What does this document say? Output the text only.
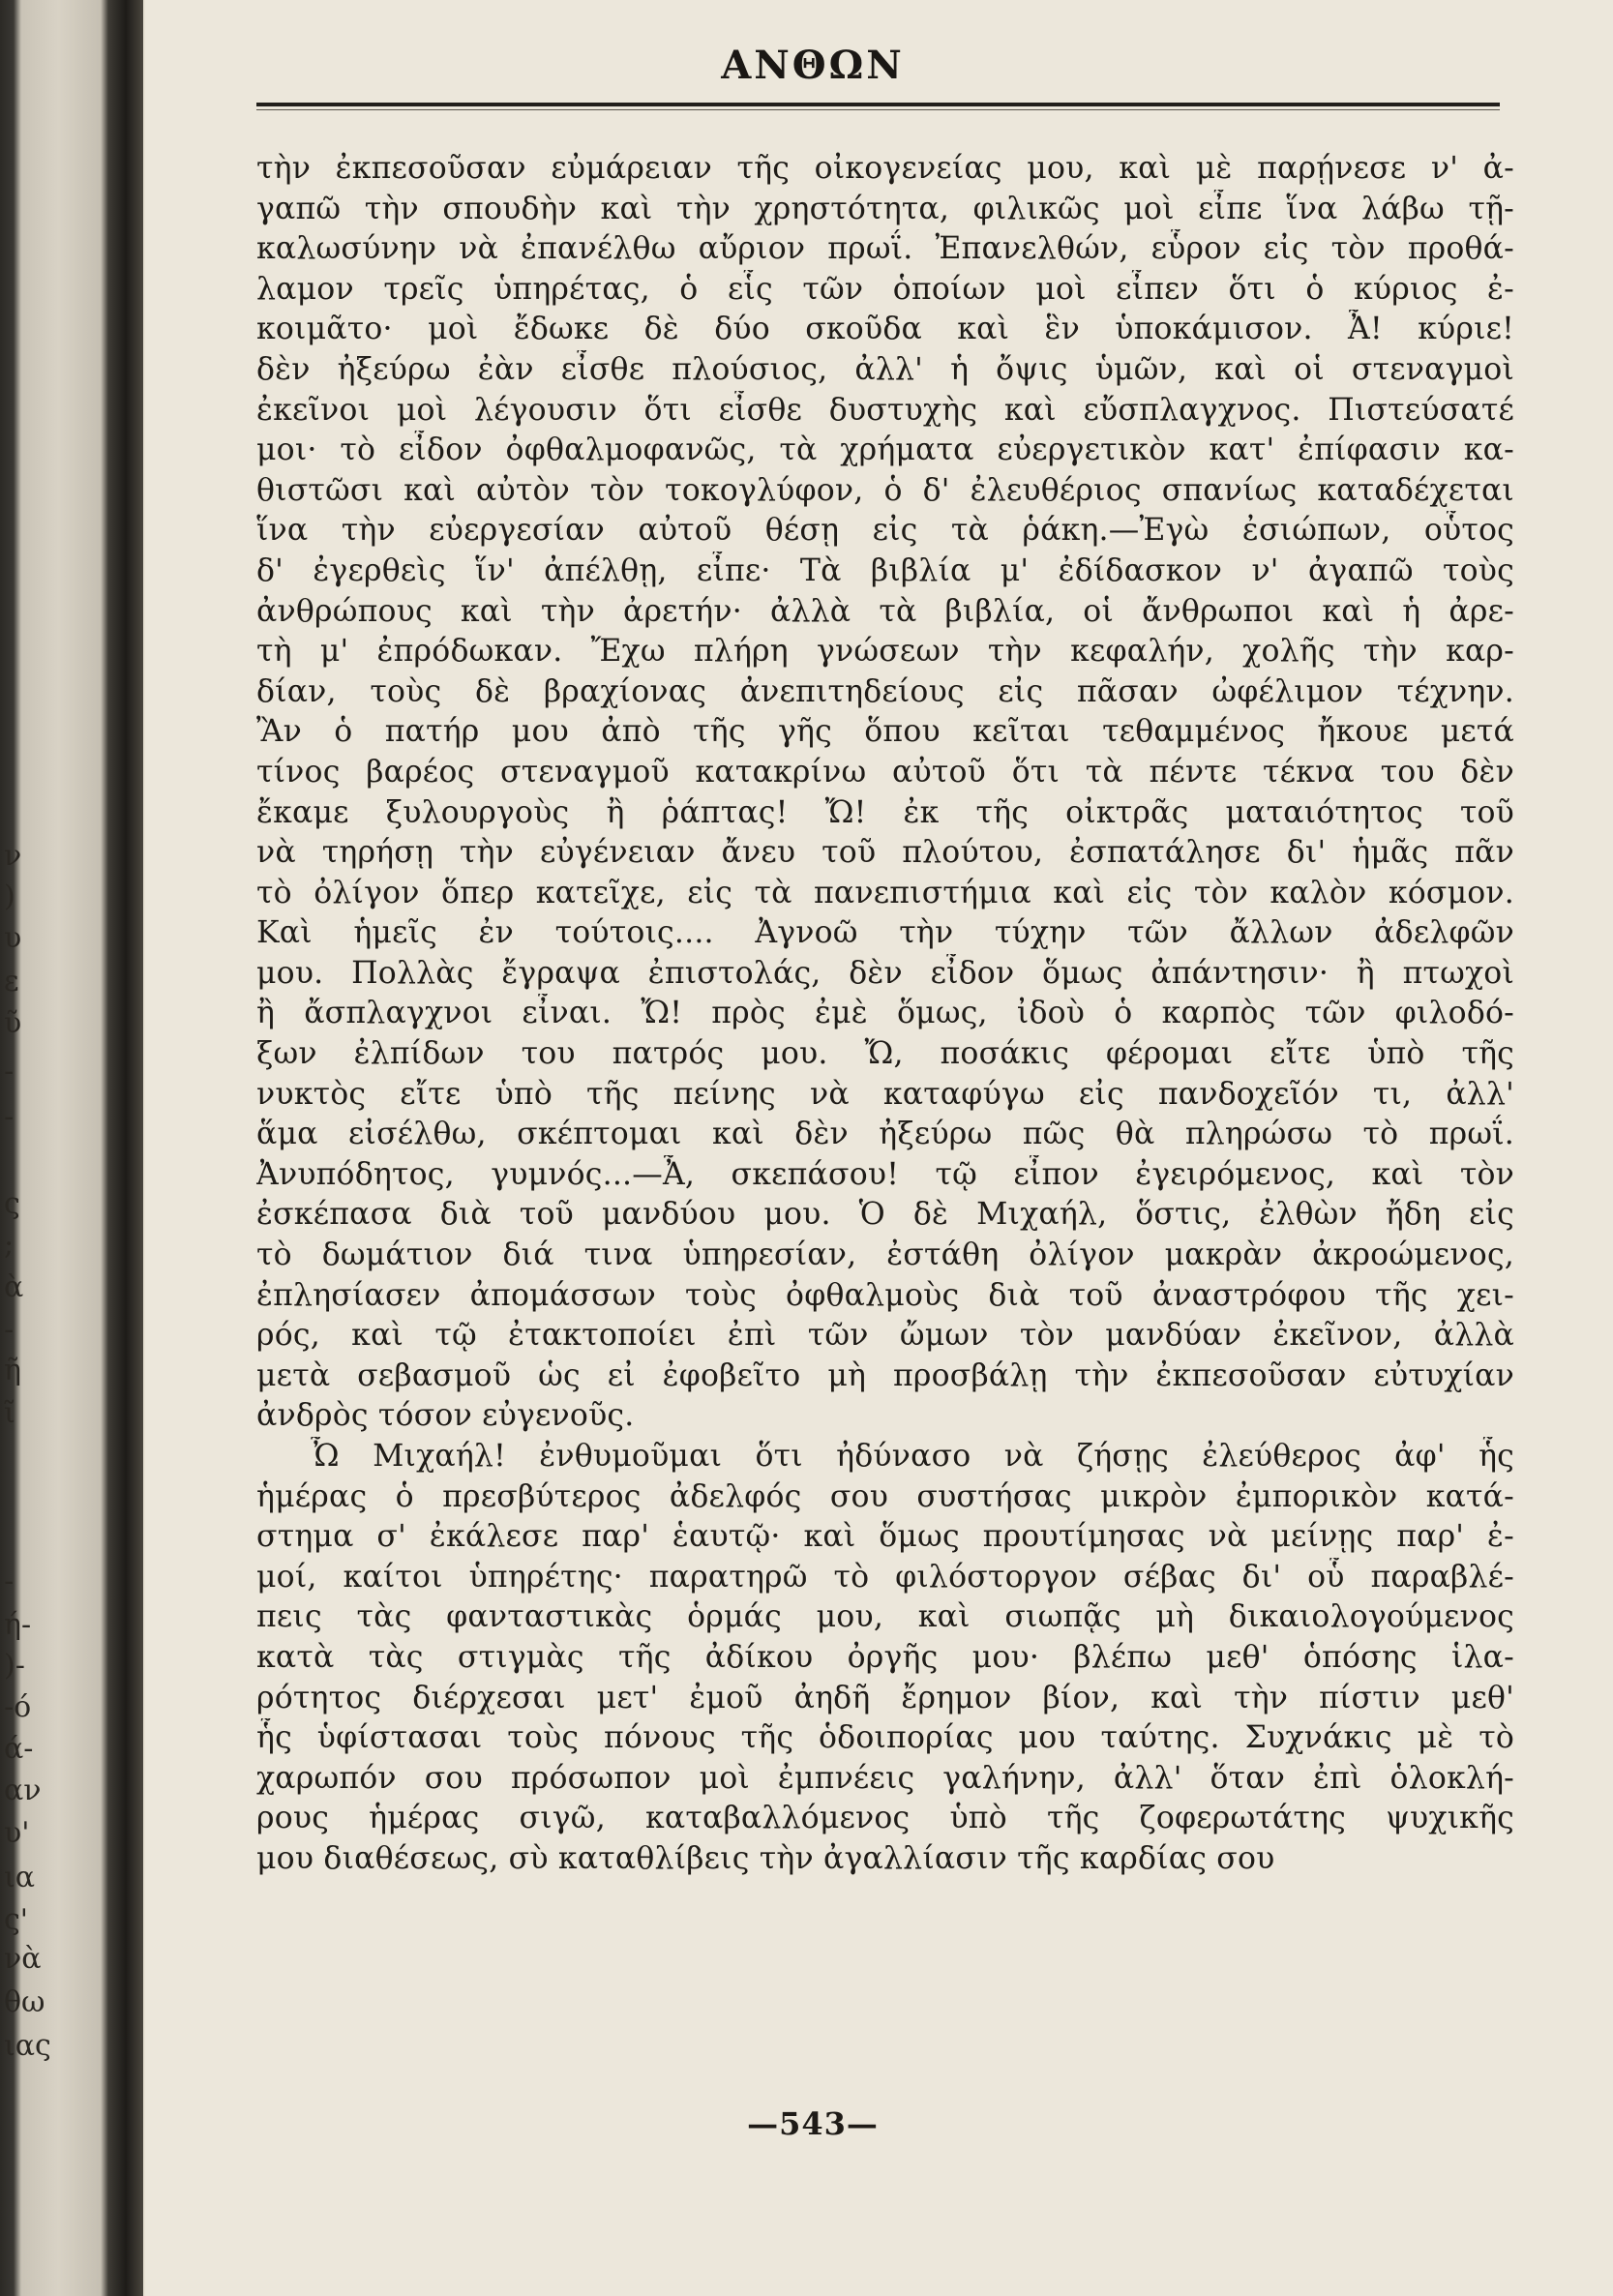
ν
)
υ
ε
ῦ
-
-
ς
;
ὰ
-
ῆ
ῖ
-
ή-
)-
-ό
ά-
αν
υ'
ια
ς'
νὰ
θω
ιας
ΑΝΘΩΝ
τὴν ἐκπεσοῦσαν εὐμάρειαν τῆς οἰκογενείας μου, καὶ μὲ παρῄνεσε ν' ἀ-
γαπῶ τὴν σπουδὴν καὶ τὴν χρηστότητα, φιλικῶς μοὶ εἶπε ἵνα λάβω τῇ-
καλωσύνην νὰ ἐπανέλθω αὔριον πρωΐ. Ἐπανελθών, εὗρον εἰς τὸν προθά-
λαμον τρεῖς ὑπηρέτας, ὁ εἷς τῶν ὁποίων μοὶ εἶπεν ὅτι ὁ κύριος ἐ-
κοιμᾶτο· μοὶ ἔδωκε δὲ δύο σκοῦδα καὶ ἓν ὑποκάμισον. Ἆ! κύριε!
δὲν ἠξεύρω ἐὰν εἶσθε πλούσιος, ἀλλ' ἡ ὄψις ὑμῶν, καὶ οἱ στεναγμοὶ
ἐκεῖνοι μοὶ λέγουσιν ὅτι εἶσθε δυστυχὴς καὶ εὔσπλαγχνος. Πιστεύσατέ
μοι· τὸ εἶδον ὀφθαλμοφανῶς, τὰ χρήματα εὐεργετικὸν κατ' ἐπίφασιν κα-
θιστῶσι καὶ αὐτὸν τὸν τοκογλύφον, ὁ δ' ἐλευθέριος σπανίως καταδέχεται
ἵνα τὴν εὐεργεσίαν αὐτοῦ θέσῃ εἰς τὰ ῥάκη.—Ἐγὼ ἐσιώπων, οὗτος
δ' ἐγερθεὶς ἵν' ἀπέλθῃ, εἶπε· Τὰ βιβλία μ' ἐδίδασκον ν' ἀγαπῶ τοὺς
ἀνθρώπους καὶ τὴν ἀρετήν· ἀλλὰ τὰ βιβλία, οἱ ἄνθρωποι καὶ ἡ ἀρε-
τὴ μ' ἐπρόδωκαν. Ἔχω πλήρη γνώσεων τὴν κεφαλήν, χολῆς τὴν καρ-
δίαν, τοὺς δὲ βραχίονας ἀνεπιτηδείους εἰς πᾶσαν ὠφέλιμον τέχνην.
Ἂν ὁ πατήρ μου ἀπὸ τῆς γῆς ὅπου κεῖται τεθαμμένος ἤκουε μετά
τίνος βαρέος στεναγμοῦ κατακρίνω αὐτοῦ ὅτι τὰ πέντε τέκνα του δὲν
ἔκαμε ξυλουργοὺς ἢ ῥάπτας! Ὤ! ἐκ τῆς οἰκτρᾶς ματαιότητος τοῦ
νὰ τηρήσῃ τὴν εὐγένειαν ἄνευ τοῦ πλούτου, ἐσπατάλησε δι' ἡμᾶς πᾶν
τὸ ὀλίγον ὅπερ κατεῖχε, εἰς τὰ πανεπιστήμια καὶ εἰς τὸν καλὸν κόσμον.
Καὶ ἡμεῖς ἐν τούτοις.... Ἀγνοῶ τὴν τύχην τῶν ἄλλων ἀδελφῶν
μου. Πολλὰς ἔγραψα ἐπιστολάς, δὲν εἶδον ὅμως ἀπάντησιν· ἢ πτωχοὶ
ἢ ἄσπλαγχνοι εἶναι. Ὤ! πρὸς ἐμὲ ὅμως, ἰδοὺ ὁ καρπὸς τῶν φιλοδό-
ξων ἐλπίδων του πατρός μου. Ὤ, ποσάκις φέρομαι εἴτε ὑπὸ τῆς
νυκτὸς εἴτε ὑπὸ τῆς πείνης νὰ καταφύγω εἰς πανδοχεῖόν τι, ἀλλ'
ἅμα εἰσέλθω, σκέπτομαι καὶ δὲν ἠξεύρω πῶς θὰ πληρώσω τὸ πρωΐ.
Ἀνυπόδητος, γυμνός...—Ἆ, σκεπάσου! τῷ εἶπον ἐγειρόμενος, καὶ τὸν
ἐσκέπασα διὰ τοῦ μανδύου μου. Ὁ δὲ Μιχαήλ, ὅστις, ἐλθὼν ἤδη εἰς
τὸ δωμάτιον διά τινα ὑπηρεσίαν, ἐστάθη ὀλίγον μακρὰν ἀκροώμενος,
ἐπλησίασεν ἀπομάσσων τοὺς ὀφθαλμοὺς διὰ τοῦ ἀναστρόφου τῆς χει-
ρός, καὶ τῷ ἐτακτοποίει ἐπὶ τῶν ὤμων τὸν μανδύαν ἐκεῖνον, ἀλλὰ
μετὰ σεβασμοῦ ὡς εἰ ἐφοβεῖτο μὴ προσβάλῃ τὴν ἐκπεσοῦσαν εὐτυχίαν
ἀνδρὸς τόσον εὐγενοῦς.
Ὦ Μιχαήλ! ἐνθυμοῦμαι ὅτι ἠδύνασο νὰ ζήσῃς ἐλεύθερος ἀφ' ἧς
ἡμέρας ὁ πρεσβύτερος ἀδελφός σου συστήσας μικρὸν ἐμπορικὸν κατά-
στημα σ' ἐκάλεσε παρ' ἑαυτῷ· καὶ ὅμως προυτίμησας νὰ μείνῃς παρ' ἐ-
μοί, καίτοι ὑπηρέτης· παρατηρῶ τὸ φιλόστοργον σέβας δι' οὗ παραβλέ-
πεις τὰς φανταστικὰς ὁρμάς μου, καὶ σιωπᾷς μὴ δικαιολογούμενος
κατὰ τὰς στιγμὰς τῆς ἀδίκου ὀργῆς μου· βλέπω μεθ' ὁπόσης ἱλα-
ρότητος διέρχεσαι μετ' ἐμοῦ ἀηδῆ ἔρημον βίον, καὶ τὴν πίστιν μεθ'
ἧς ὑφίστασαι τοὺς πόνους τῆς ὁδοιπορίας μου ταύτης. Συχνάκις μὲ τὸ
χαρωπόν σου πρόσωπον μοὶ ἐμπνέεις γαλήνην, ἀλλ' ὅταν ἐπὶ ὁλοκλή-
ρους ἡμέρας σιγῶ, καταβαλλόμενος ὑπὸ τῆς ζοφερωτάτης ψυχικῆς
μου διαθέσεως, σὺ καταθλίβεις τὴν ἀγαλλίασιν τῆς καρδίας σου
—543—
